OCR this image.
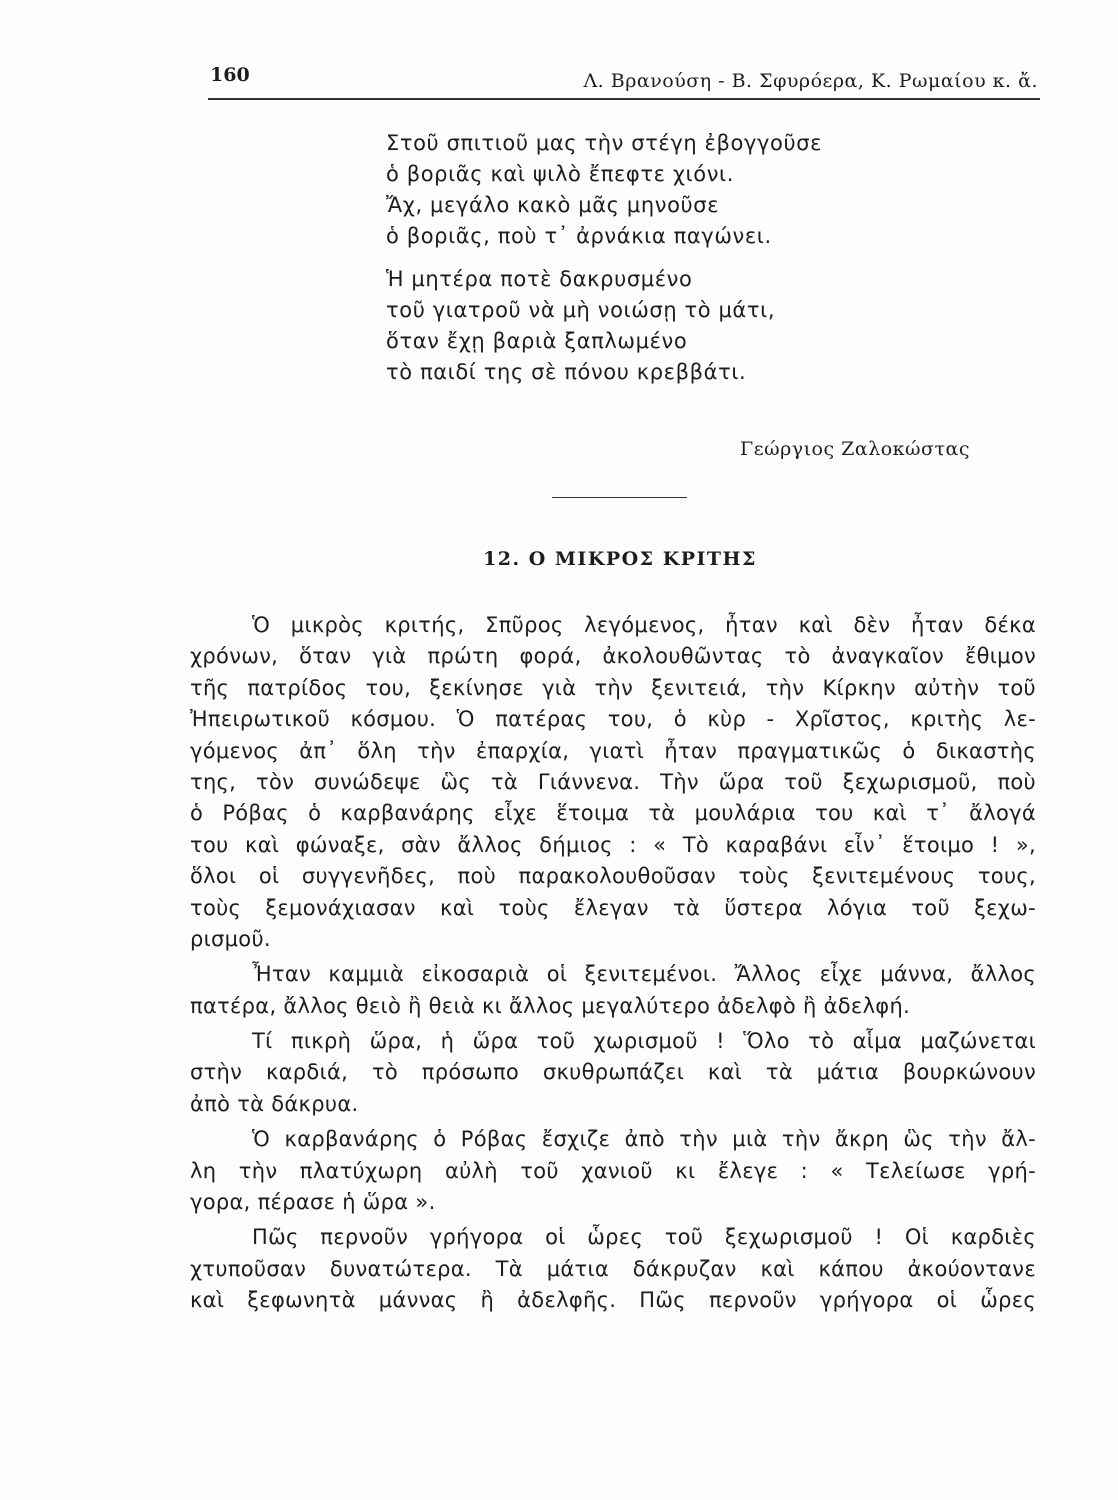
160	Λ. Βρανούση - Β. Σφυρόερα, Κ. Ρωμαίου κ. ἄ.
Στοῦ σπιτιοῦ μας τὴν στέγη ἐβογγοῦσε
ὁ βοριᾶς καὶ ψιλὸ ἔπεφτε χιόνι.
Ἄχ, μεγάλο κακὸ μᾶς μηνοῦσε
ὁ βοριᾶς, ποὺ τ᾽ ἀρνάκια παγώνει.
Ἡ μητέρα ποτὲ δακρυσμένο
τοῦ γιατροῦ νὰ μὴ νοιώσῃ τὸ μάτι,
ὅταν ἔχῃ βαριὰ ξαπλωμένο
τὸ παιδί της σὲ πόνου κρεββάτι.
Γεώργιος Ζαλοκώστας
12. Ο ΜΙΚΡΟΣ ΚΡΙΤΗΣ
Ὁ μικρὸς κριτής, Σπῦρος λεγόμενος, ἦταν καὶ δὲν ἦταν δέκα
χρόνων, ὅταν γιὰ πρώτη φορά, ἀκολουθῶντας τὸ ἀναγκαῖον ἔθιμον
τῆς πατρίδος του, ξεκίνησε γιὰ τὴν ξενιτειά, τὴν Κίρκην αὐτὴν τοῦ
Ἠπειρωτικοῦ κόσμου. Ὁ πατέρας του, ὁ κὺρ - Χρῖστος, κριτὴς λε-
γόμενος ἀπ᾽ ὅλη τὴν ἐπαρχία, γιατὶ ἦταν πραγματικῶς ὁ δικαστὴς
της, τὸν συνώδεψε ὣς τὰ Γιάννενα. Τὴν ὥρα τοῦ ξεχωρισμοῦ, ποὺ
ὁ Ρόβας ὁ καρβανάρης εἶχε ἕτοιμα τὰ μουλάρια του καὶ τ᾽ ἄλογά
του καὶ φώναξε, σὰν ἄλλος δήμιος : « Τὸ καραβάνι εἶν᾽ ἕτοιμο ! »,
ὅλοι οἱ συγγενῆδες, ποὺ παρακολουθοῦσαν τοὺς ξενιτεμένους τους,
τοὺς ξεμονάχιασαν καὶ τοὺς ἔλεγαν τὰ ὕστερα λόγια τοῦ ξεχω-
ρισμοῦ.
Ἦταν καμμιὰ εἰκοσαριὰ οἱ ξενιτεμένοι. Ἄλλος εἶχε μάννα, ἄλλος
πατέρα, ἄλλος θειὸ ἢ θειὰ κι ἄλλος μεγαλύτερο ἀδελφὸ ἢ ἀδελφή.
Τί πικρὴ ὥρα, ἡ ὥρα τοῦ χωρισμοῦ ! Ὅλο τὸ αἷμα μαζώνεται
στὴν καρδιά, τὸ πρόσωπο σκυθρωπάζει καὶ τὰ μάτια βουρκώνουν
ἀπὸ τὰ δάκρυα.
Ὁ καρβανάρης ὁ Ρόβας ἔσχιζε ἀπὸ τὴν μιὰ τὴν ἄκρη ὣς τὴν ἄλ-
λη τὴν πλατύχωρη αὐλὴ τοῦ χανιοῦ κι ἔλεγε : « Τελείωσε γρή-
γορα, πέρασε ἡ ὥρα ».
Πῶς περνοῦν γρήγορα οἱ ὧρες τοῦ ξεχωρισμοῦ ! Οἱ καρδιὲς
χτυποῦσαν δυνατώτερα. Τὰ μάτια δάκρυζαν καὶ κάπου ἀκούοντανε
καὶ ξεφωνητὰ μάννας ἢ ἀδελφῆς. Πῶς περνοῦν γρήγορα οἱ ὧρες
